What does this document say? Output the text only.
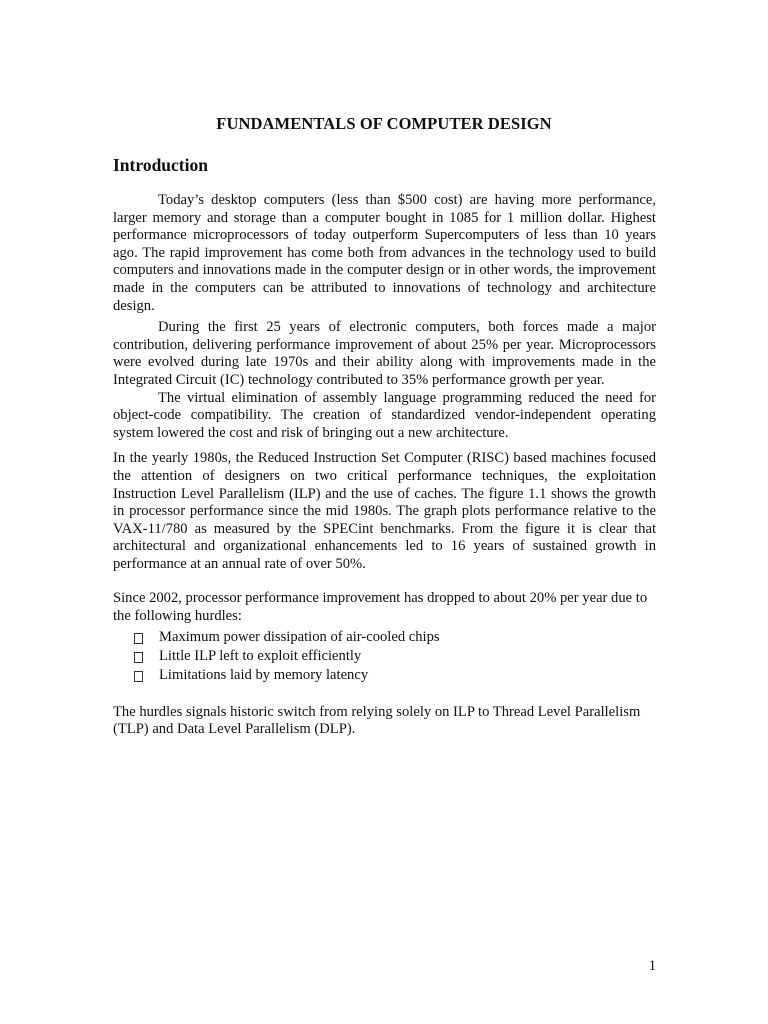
FUNDAMENTALS OF COMPUTER DESIGN
Introduction

Today’s desktop computers (less than $500 cost) are having more performance, larger memory and storage than a computer bought in 1085 for 1 million dollar. Highest performance microprocessors of today outperform Supercomputers of less than 10 years ago. The rapid improvement has come both from advances in the technology used to build computers and innovations made in the computer design or in other words, the improvement made in the computers can be attributed to innovations of technology and architecture design.

During the first 25 years of electronic computers, both forces made a major contribution, delivering performance improvement of about 25% per year. Microprocessors were evolved during late 1970s and their ability along with improvements made in the Integrated Circuit (IC) technology contributed to 35% performance growth per year.

The virtual elimination of assembly language programming reduced the need for object-code compatibility. The creation of standardized vendor-independent operating system lowered the cost and risk of bringing out a new architecture.

In the yearly 1980s, the Reduced Instruction Set Computer (RISC) based machines focused the attention of designers on two critical performance techniques, the exploitation Instruction Level Parallelism (ILP) and the use of caches. The figure 1.1 shows the growth in processor performance since the mid 1980s. The graph plots performance relative to the VAX-11/780 as measured by the SPECint benchmarks. From the figure it is clear that architectural and organizational enhancements led to 16 years of sustained growth in performance at an annual rate of over 50%.

Since 2002, processor performance improvement has dropped to about 20% per year due to the following hurdles:

Maximum power dissipation of air-cooled chips
Little ILP left to exploit efficiently
Limitations laid by memory latency

The hurdles signals historic switch from relying solely on ILP to Thread Level Parallelism (TLP) and Data Level Parallelism (DLP).

1
